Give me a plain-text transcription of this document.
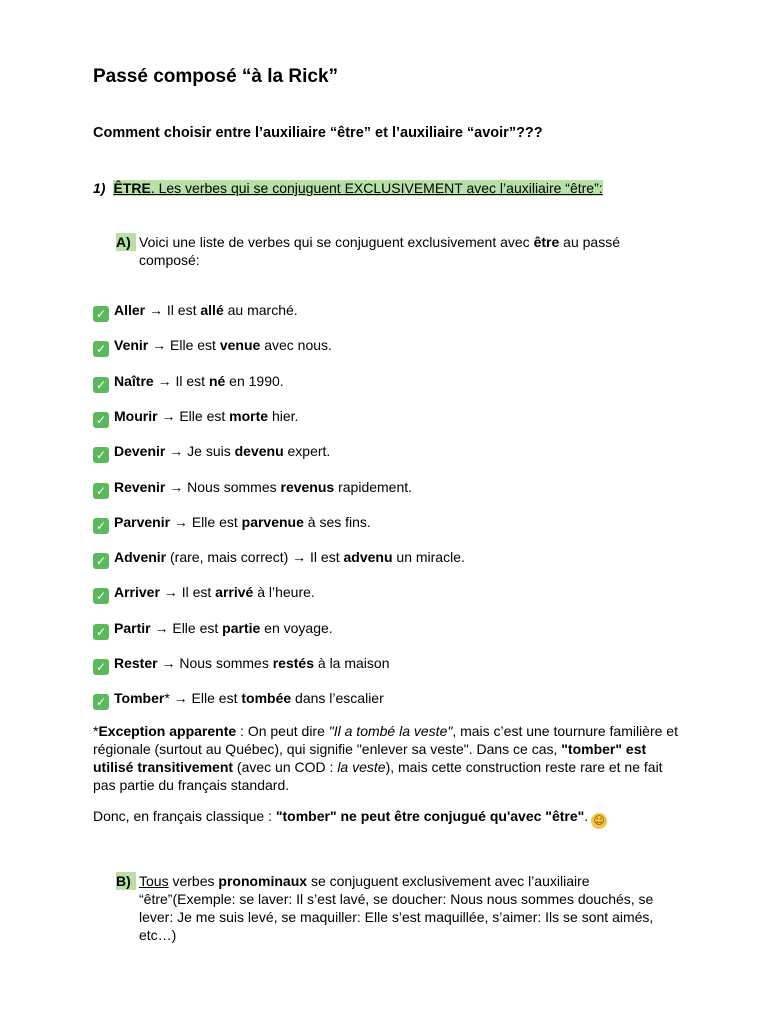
Passé composé “à la Rick”
Comment choisir entre l’auxiliaire “être” et l’auxiliaire “avoir”???
1) ÊTRE. Les verbes qui se conjuguent EXCLUSIVEMENT avec l’auxiliaire “être”:
A) Voici une liste de verbes qui se conjuguent exclusivement avec être au passé composé:
✓ Aller → Il est allé au marché.
✓ Venir → Elle est venue avec nous.
✓ Naître → Il est né en 1990.
✓ Mourir → Elle est morte hier.
✓ Devenir → Je suis devenu expert.
✓ Revenir → Nous sommes revenus rapidement.
✓ Parvenir → Elle est parvenue à ses fins.
✓ Advenir (rare, mais correct) → Il est advenu un miracle.
✓ Arriver → Il est arrivé à l’heure.
✓ Partir → Elle est partie en voyage.
✓ Rester → Nous sommes restés à la maison
✓ Tomber* → Elle est tombée dans l’escalier

*Exception apparente : On peut dire "Il a tombé la veste", mais c’est une tournure familière et régionale (surtout au Québec), qui signifie "enlever sa veste". Dans ce cas, "tomber" est utilisé transitivement (avec un COD : la veste), mais cette construction reste rare et ne fait pas partie du français standard.

Donc, en français classique : "tomber" ne peut être conjugué qu'avec "être". ☺

B) Tous verbes pronominaux se conjuguent exclusivement avec l’auxiliaire “être”(Exemple: se laver: Il s’est lavé, se doucher: Nous nous sommes douchés, se lever: Je me suis levé, se maquiller: Elle s’est maquillée, s’aimer: Ils se sont aimés, etc…)
